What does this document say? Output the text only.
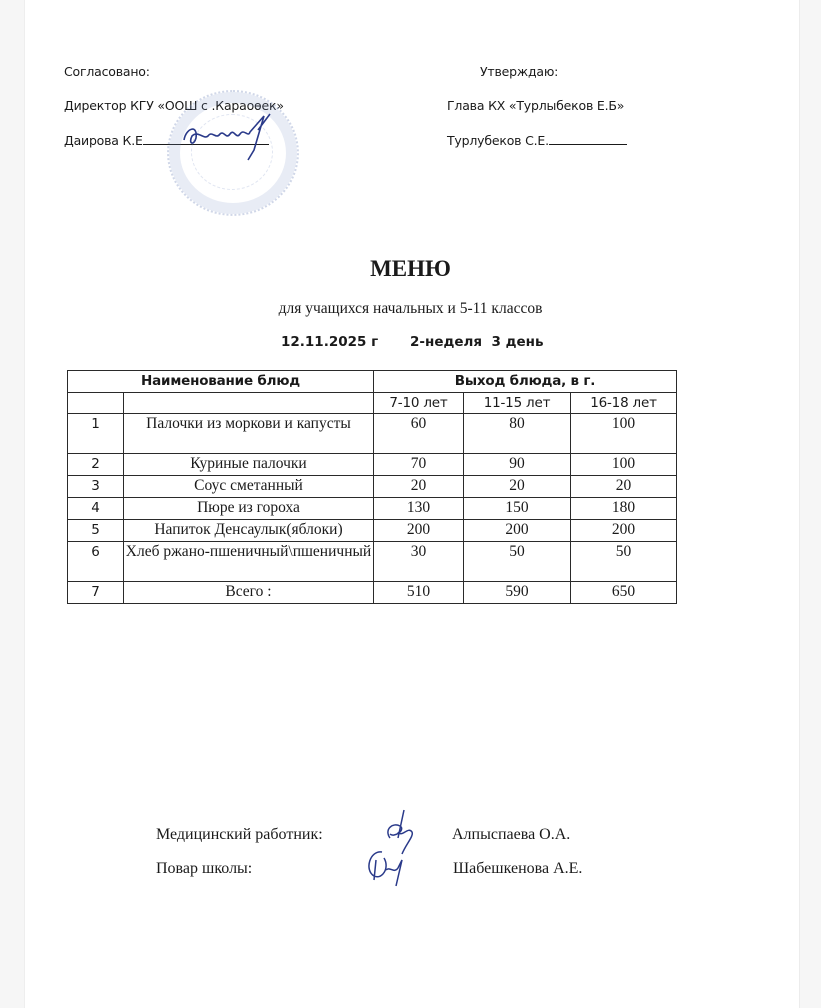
Согласовано:
Директор КГУ «ООШ с .Караоѳек»
Даирова К.Е
Утверждаю:
Глава КХ «Турлыбеков Е.Б»
Турлубеков С.Е.
МЕНЮ
для учащихся начальных и 5-11 классов
12.11.2025 г 2-неделя  3 день
Наименование блюд		Выход блюда, в г.		
		7-10 лет	11-15 лет	16-18 лет
1	Палочки из моркови и капусты	60	80	100
2	Куриные палочки	70	90	100
3	Соус сметанный	20	20	20
4	Пюре из гороха	130	150	180
5	Напиток Денсаулык(яблоки)	200	200	200
6	Хлеб ржано-пшеничный\пшеничный	30	50	50
7	Всего :	510	590	650
Медицинский работник:	Алпыспаева О.А.
Повар школы:	Шабешкенова А.Е.
